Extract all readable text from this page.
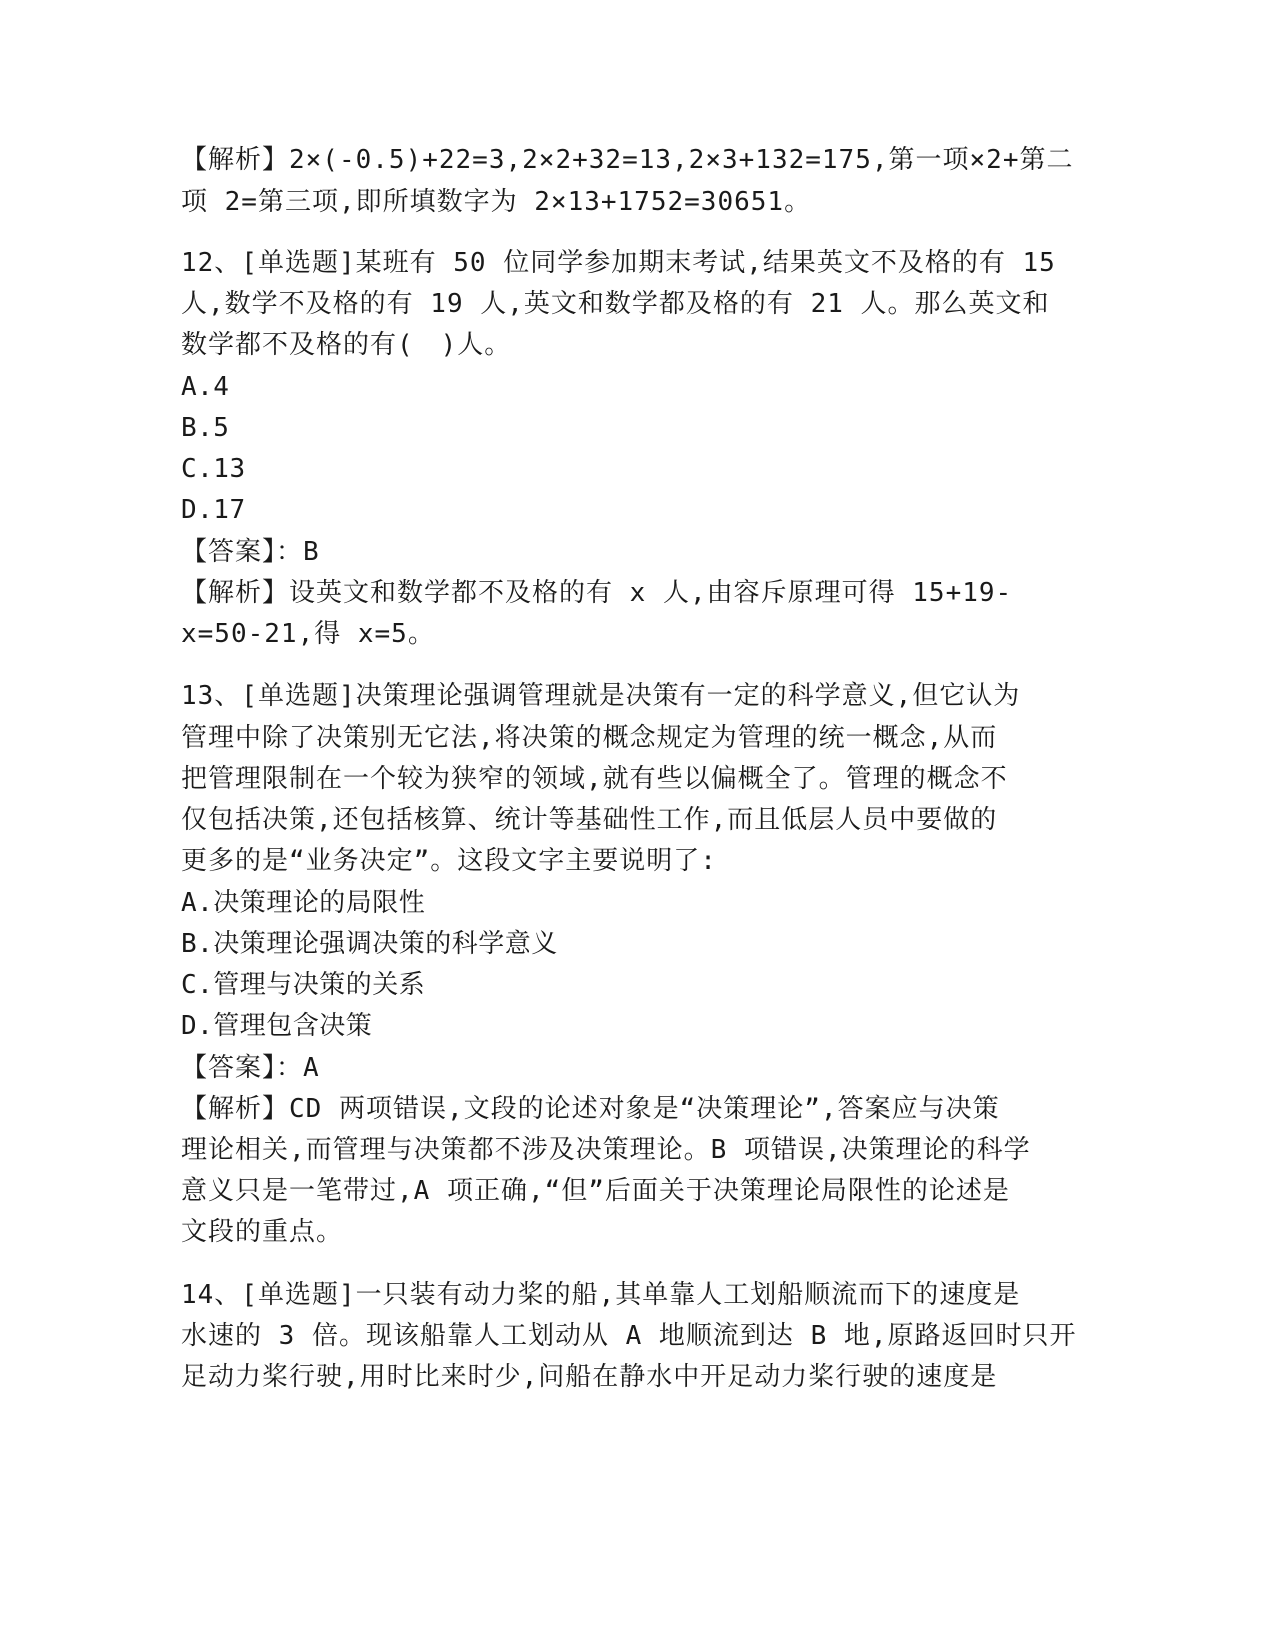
【解析】2×(-0.5)+22=3,2×2+32=13,2×3+132=175,第一项×2+第二
项 2=第三项,即所填数字为 2×13+1752=30651。
12、[单选题]某班有 50 位同学参加期末考试,结果英文不及格的有 15
人,数学不及格的有 19 人,英文和数学都及格的有 21 人。那么英文和
数学都不及格的有(　)人。
A.4
B.5
C.13
D.17
【答案】：B
【解析】设英文和数学都不及格的有 x 人,由容斥原理可得 15+19-
x=50-21,得 x=5。
13、[单选题]决策理论强调管理就是决策有一定的科学意义,但它认为
管理中除了决策别无它法,将决策的概念规定为管理的统一概念,从而
把管理限制在一个较为狭窄的领域,就有些以偏概全了。管理的概念不
仅包括决策,还包括核算、统计等基础性工作,而且低层人员中要做的
更多的是“业务决定”。这段文字主要说明了:
A.决策理论的局限性
B.决策理论强调决策的科学意义
C.管理与决策的关系
D.管理包含决策
【答案】：A
【解析】CD 两项错误,文段的论述对象是“决策理论”,答案应与决策
理论相关,而管理与决策都不涉及决策理论。B 项错误,决策理论的科学
意义只是一笔带过,A 项正确,“但”后面关于决策理论局限性的论述是
文段的重点。
14、[单选题]一只装有动力桨的船,其单靠人工划船顺流而下的速度是
水速的 3 倍。现该船靠人工划动从 A 地顺流到达 B 地,原路返回时只开
足动力桨行驶,用时比来时少,问船在静水中开足动力桨行驶的速度是
